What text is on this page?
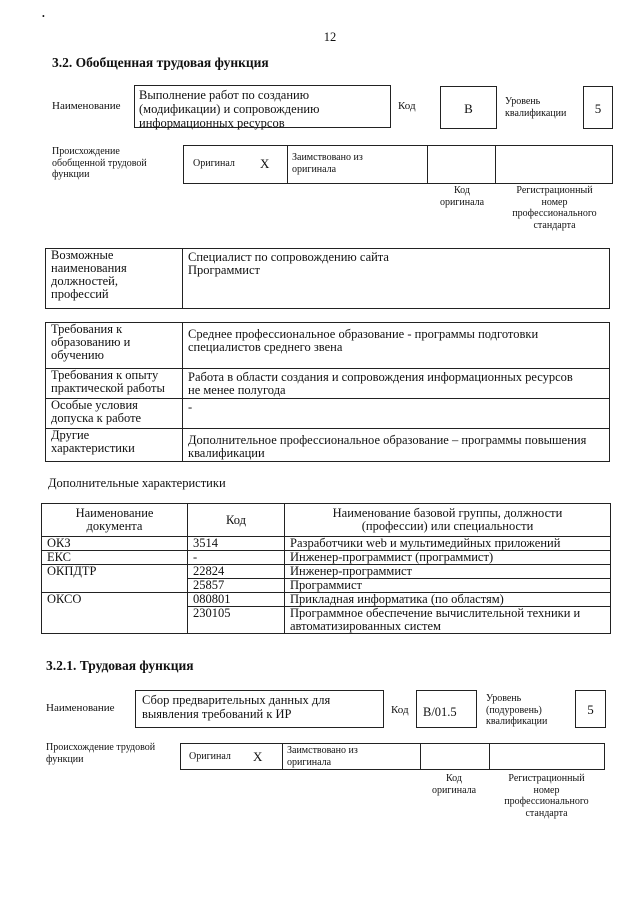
•
12
3.2. Обобщенная трудовая функция
Наименование
Выполнение работ по созданию
(модификации) и сопровождению
информационных ресурсов
Код	В	Уровень
квалификации	5
Происхождение
обобщенной трудовой
функции
Оригинал X Заимствовано из
оригинала
Код
оригинала
Регистрационный
номер
профессионального
стандарта
Возможные
наименования
должностей,
профессий	Специалист по сопровождению сайта
Программист
Требования к
образованию и
обучению	Среднее профессиональное образование - программы подготовки
специалистов среднего звена
Требования к опыту
практической работы	Работа в области создания и сопровождения информационных ресурсов
не менее полугода
Особые условия
допуска к работе	-
Другие
характеристики	Дополнительное профессиональное образование – программы повышения
квалификации
Дополнительные характеристики
Наименование
документа	Код	Наименование базовой группы, должности
(профессии) или специальности
ОКЗ	3514	Разработчики web и мультимедийных приложений
ЕКС	-	Инженер-программист (программист)
ОКПДТР	22824	Инженер-программист
	25857	Программист
ОКСО	080801	Прикладная информатика (по областям)
	230105	Программное обеспечение вычислительной техники и
автоматизированных систем
3.2.1. Трудовая функция
Наименование
Сбор предварительных данных для
выявления требований к ИР	Код	B/01.5
Уровень
(подуровень)
квалификации
5
Происхождение трудовой
функции	Оригинал X Заимствовано из
оригинала
Код
оригинала
Регистрационный
номер
профессионального
стандарта
